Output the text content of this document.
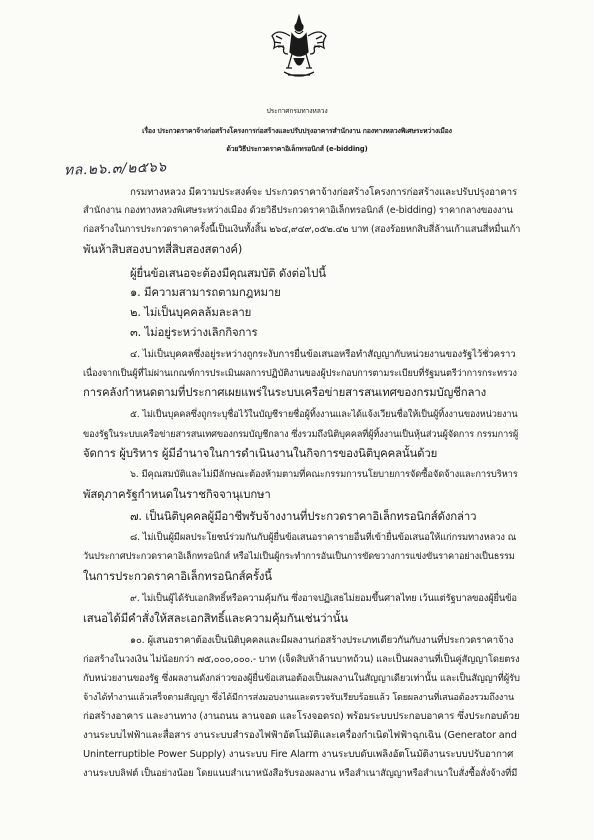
ประกาศกรมทางหลวง
เรื่อง ประกวดราคาจ้างก่อสร้างโครงการก่อสร้างและปรับปรุงอาคารสำนักงาน กองทางหลวงพิเศษระหว่างเมือง
ด้วยวิธีประกวดราคาอิเล็กทรอนิกส์ (e-bidding)
ทล.๒๖.๓/๒๕๖๖
กรมทางหลวง มีความประสงค์จะ ประกวดราคาจ้างก่อสร้างโครงการก่อสร้างและปรับปรุงอาคาร
สำนักงาน กองทางหลวงพิเศษระหว่างเมือง ด้วยวิธีประกวดราคาอิเล็กทรอนิกส์ (e-bidding) ราคากลางของงาน
ก่อสร้างในการประกวดราคาครั้งนี้เป็นเงินทั้งสิ้น ๒๖๔,๙๔๙,๐๕๒.๔๒ บาท (สองร้อยหกสิบสี่ล้านเก้าแสนสี่หมื่นเก้า
พันห้าสิบสองบาทสี่สิบสองสตางค์)
ผู้ยื่นข้อเสนอจะต้องมีคุณสมบัติ ดังต่อไปนี้
๑. มีความสามารถตามกฎหมาย
๒. ไม่เป็นบุคคลล้มละลาย
๓. ไม่อยู่ระหว่างเลิกกิจการ
๔. ไม่เป็นบุคคลซึ่งอยู่ระหว่างถูกระงับการยื่นข้อเสนอหรือทำสัญญากับหน่วยงานของรัฐไว้ชั่วคราว
เนื่องจากเป็นผู้ที่ไม่ผ่านเกณฑ์การประเมินผลการปฏิบัติงานของผู้ประกอบการตามระเบียบที่รัฐมนตรีว่าการกระทรวง
การคลังกำหนดตามที่ประกาศเผยแพร่ในระบบเครือข่ายสารสนเทศของกรมบัญชีกลาง
๕. ไม่เป็นบุคคลซึ่งถูกระบุชื่อไว้ในบัญชีรายชื่อผู้ทิ้งงานและได้แจ้งเวียนชื่อให้เป็นผู้ทิ้งงานของหน่วยงาน
ของรัฐในระบบเครือข่ายสารสนเทศของกรมบัญชีกลาง ซึ่งรวมถึงนิติบุคคลที่ผู้ทิ้งงานเป็นหุ้นส่วนผู้จัดการ กรรมการผู้
จัดการ ผู้บริหาร ผู้มีอำนาจในการดำเนินงานในกิจการของนิติบุคคลนั้นด้วย
๖. มีคุณสมบัติและไม่มีลักษณะต้องห้ามตามที่คณะกรรมการนโยบายการจัดซื้อจัดจ้างและการบริหาร
พัสดุภาครัฐกำหนดในราชกิจจานุเบกษา
๗. เป็นนิติบุคคลผู้มีอาชีพรับจ้างงานที่ประกวดราคาอิเล็กทรอนิกส์ดังกล่าว
๘. ไม่เป็นผู้มีผลประโยชน์ร่วมกันกับผู้ยื่นข้อเสนอราคารายอื่นที่เข้ายื่นข้อเสนอให้แก่กรมทางหลวง ณ
วันประกาศประกวดราคาอิเล็กทรอนิกส์ หรือไม่เป็นผู้กระทำการอันเป็นการขัดขวางการแข่งขันราคาอย่างเป็นธรรม
ในการประกวดราคาอิเล็กทรอนิกส์ครั้งนี้
๙. ไม่เป็นผู้ได้รับเอกสิทธิ์หรือความคุ้มกัน ซึ่งอาจปฏิเสธไม่ยอมขึ้นศาลไทย เว้นแต่รัฐบาลของผู้ยื่นข้อ
เสนอได้มีคำสั่งให้สละเอกสิทธิ์และความคุ้มกันเช่นว่านั้น
๑๐. ผู้เสนอราคาต้องเป็นนิติบุคคลและมีผลงานก่อสร้างประเภทเดียวกันกับงานที่ประกวดราคาจ้าง
ก่อสร้างในวงเงิน ไม่น้อยกว่า ๗๕,๐๐๐,๐๐๐.- บาท (เจ็ดสิบห้าล้านบาทถ้วน) และเป็นผลงานที่เป็นคู่สัญญาโดยตรง
กับหน่วยงานของรัฐ ซึ่งผลงานดังกล่าวของผู้ยื่นข้อเสนอต้องเป็นผลงานในสัญญาเดียวเท่านั้น และเป็นสัญญาที่ผู้รับ
จ้างได้ทำงานแล้วเสร็จตามสัญญา ซึ่งได้มีการส่งมอบงานและตรวจรับเรียบร้อยแล้ว โดยผลงานที่เสนอต้องรวมถึงงาน
ก่อสร้างอาคาร และงานทาง (งานถนน ลานจอด และโรงจอดรถ) พร้อมระบบประกอบอาคาร ซึ่งประกอบด้วย
งานระบบไฟฟ้าและสื่อสาร งานระบบสำรองไฟฟ้าอัตโนมัติและเครื่องกำเนิดไฟฟ้าฉุกเฉิน (Generator and
Uninterruptible Power Supply) งานระบบ Fire Alarm งานระบบดับเพลิงอัตโนมัติงานระบบปรับอากาศ
งานระบบลิฟต์ เป็นอย่างน้อย โดยแนบสำเนาหนังสือรับรองผลงาน หรือสำเนาสัญญาหรือสำเนาใบสั่งซื้อสั่งจ้างที่มี
